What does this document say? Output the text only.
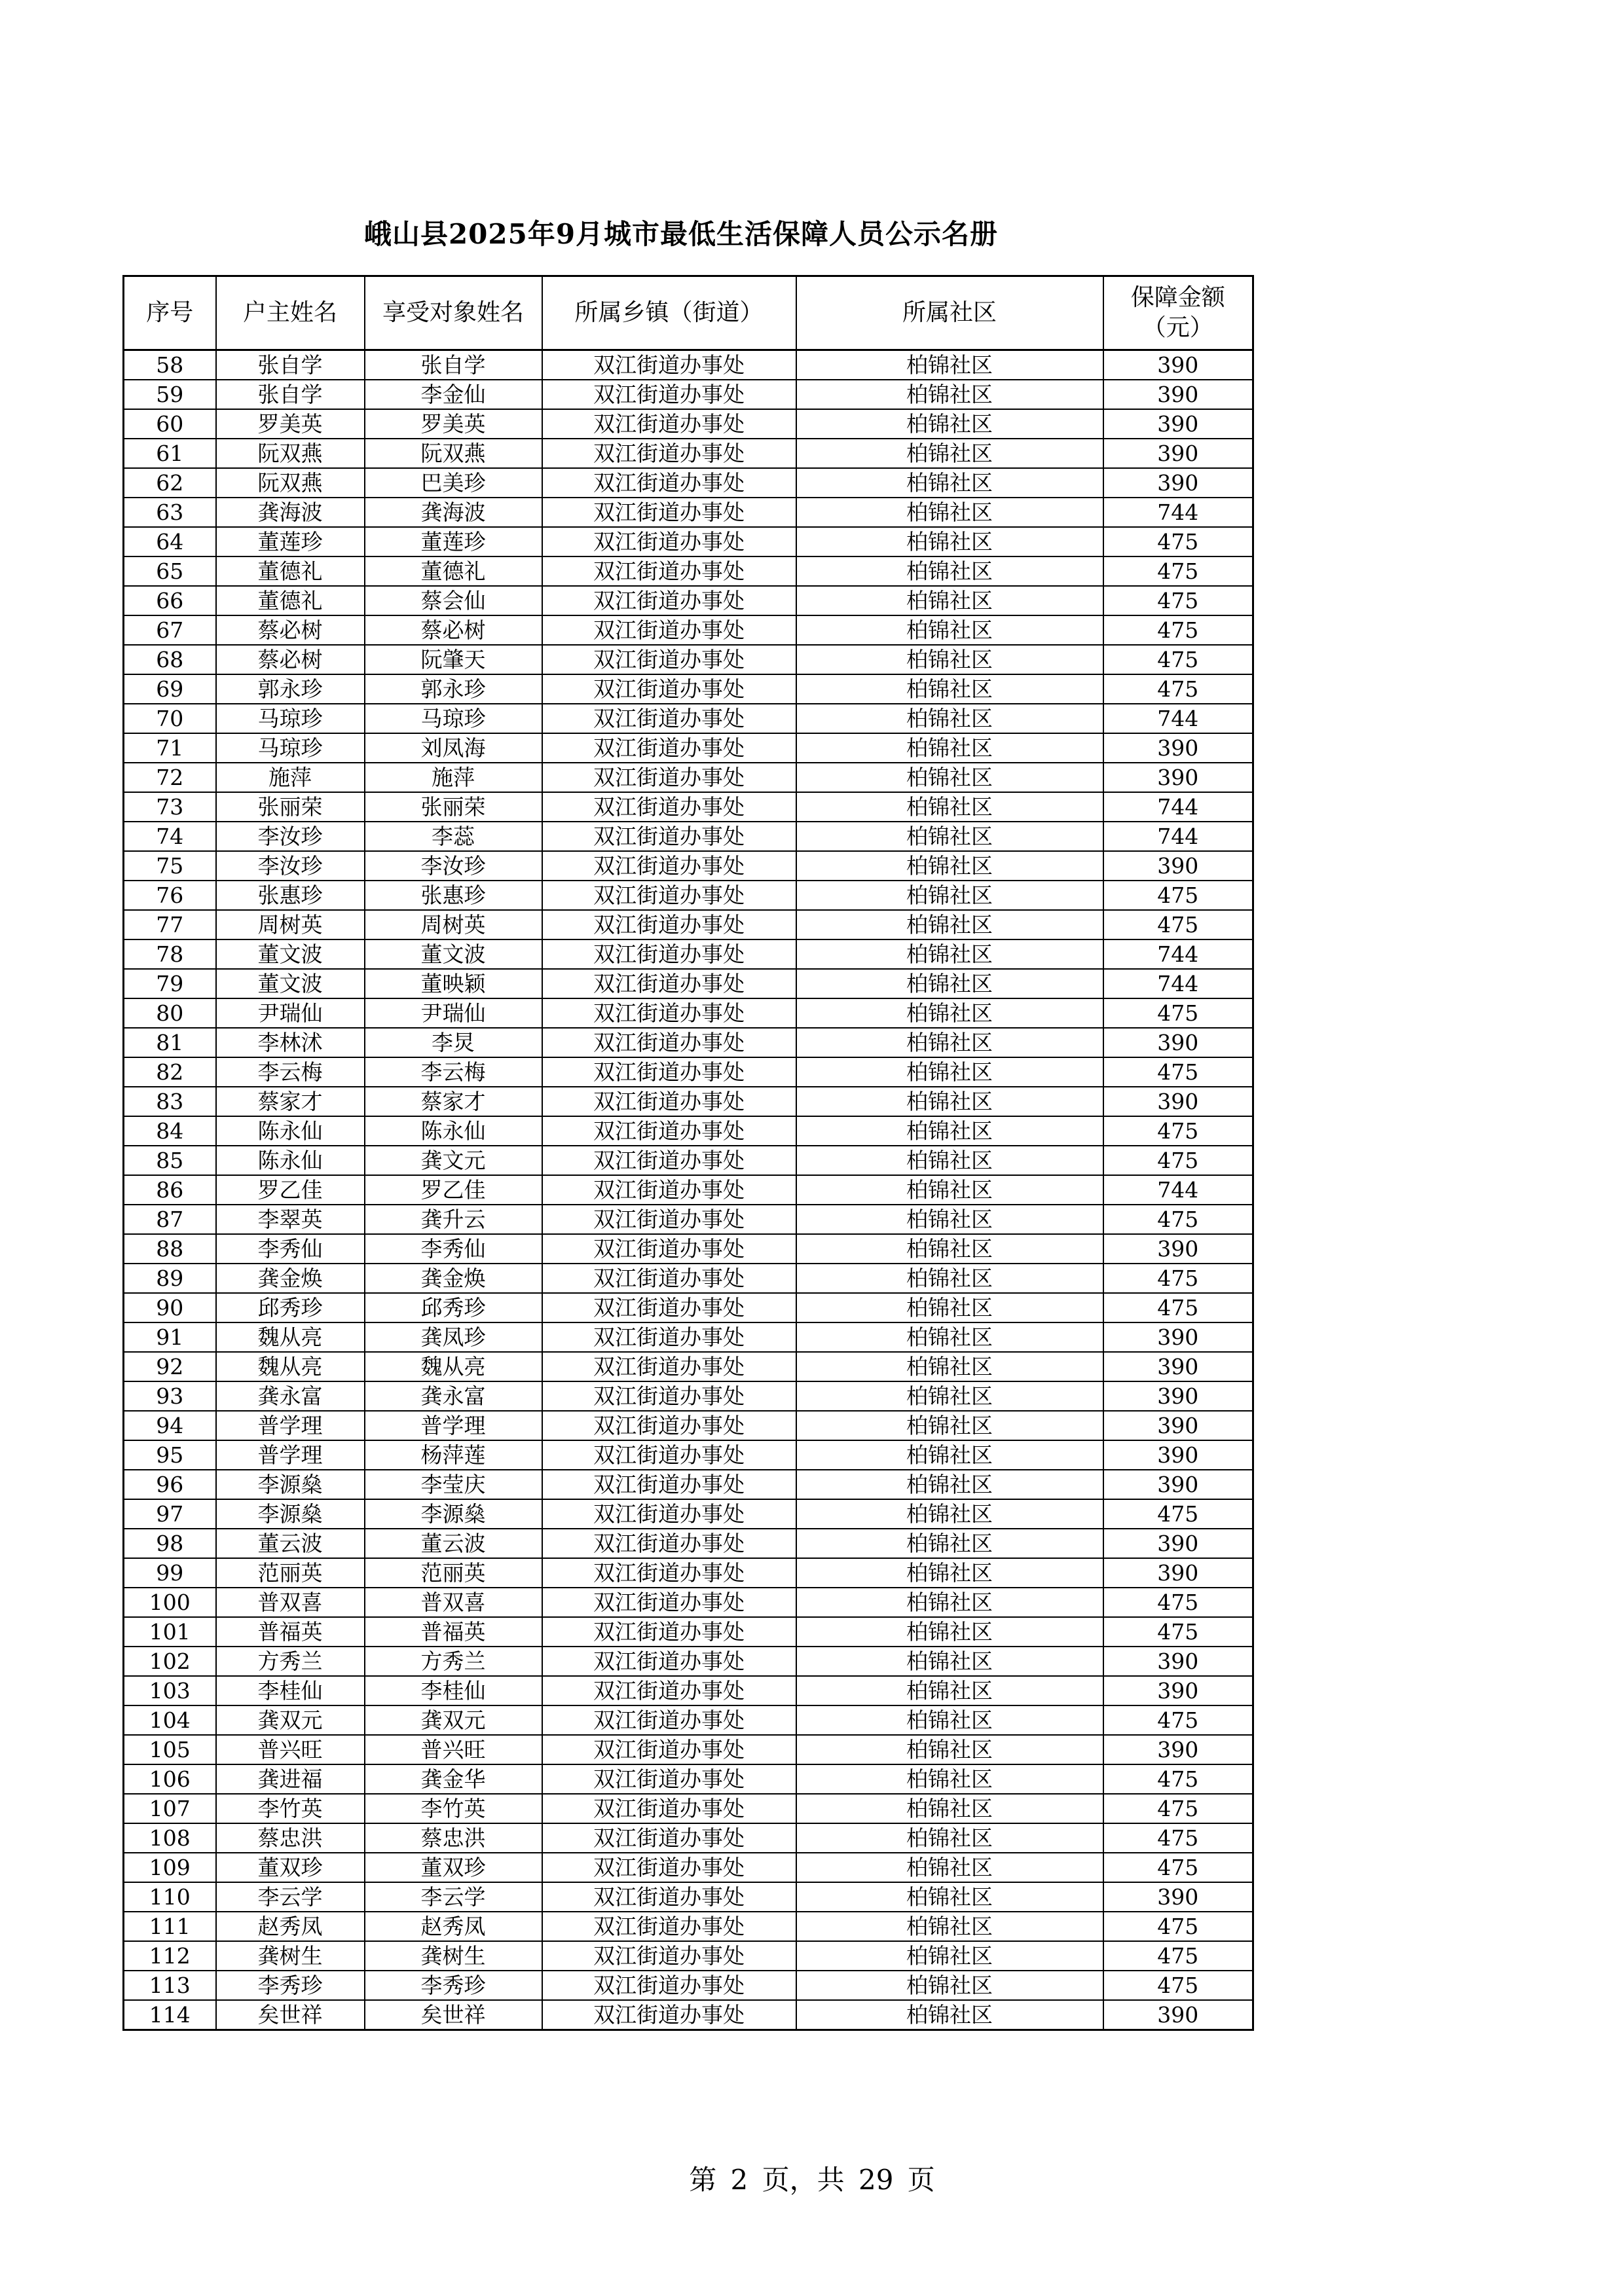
峨山县2025年9月城市最低生活保障人员公示名册
序号	户主姓名	享受对象姓名	所属乡镇（街道）	所属社区	保障金额（元）
58	张自学	张自学	双江街道办事处	柏锦社区	390
59	张自学	李金仙	双江街道办事处	柏锦社区	390
60	罗美英	罗美英	双江街道办事处	柏锦社区	390
61	阮双燕	阮双燕	双江街道办事处	柏锦社区	390
62	阮双燕	巴美珍	双江街道办事处	柏锦社区	390
63	龚海波	龚海波	双江街道办事处	柏锦社区	744
64	董莲珍	董莲珍	双江街道办事处	柏锦社区	475
65	董德礼	董德礼	双江街道办事处	柏锦社区	475
66	董德礼	蔡会仙	双江街道办事处	柏锦社区	475
67	蔡必树	蔡必树	双江街道办事处	柏锦社区	475
68	蔡必树	阮肇天	双江街道办事处	柏锦社区	475
69	郭永珍	郭永珍	双江街道办事处	柏锦社区	475
70	马琼珍	马琼珍	双江街道办事处	柏锦社区	744
71	马琼珍	刘凤海	双江街道办事处	柏锦社区	390
72	施萍	施萍	双江街道办事处	柏锦社区	390
73	张丽荣	张丽荣	双江街道办事处	柏锦社区	744
74	李汝珍	李蕊	双江街道办事处	柏锦社区	744
75	李汝珍	李汝珍	双江街道办事处	柏锦社区	390
76	张惠珍	张惠珍	双江街道办事处	柏锦社区	475
77	周树英	周树英	双江街道办事处	柏锦社区	475
78	董文波	董文波	双江街道办事处	柏锦社区	744
79	董文波	董映颖	双江街道办事处	柏锦社区	744
80	尹瑞仙	尹瑞仙	双江街道办事处	柏锦社区	475
81	李林沭	李炅	双江街道办事处	柏锦社区	390
82	李云梅	李云梅	双江街道办事处	柏锦社区	475
83	蔡家才	蔡家才	双江街道办事处	柏锦社区	390
84	陈永仙	陈永仙	双江街道办事处	柏锦社区	475
85	陈永仙	龚文元	双江街道办事处	柏锦社区	475
86	罗乙佳	罗乙佳	双江街道办事处	柏锦社区	744
87	李翠英	龚升云	双江街道办事处	柏锦社区	475
88	李秀仙	李秀仙	双江街道办事处	柏锦社区	390
89	龚金焕	龚金焕	双江街道办事处	柏锦社区	475
90	邱秀珍	邱秀珍	双江街道办事处	柏锦社区	475
91	魏从亮	龚凤珍	双江街道办事处	柏锦社区	390
92	魏从亮	魏从亮	双江街道办事处	柏锦社区	390
93	龚永富	龚永富	双江街道办事处	柏锦社区	390
94	普学理	普学理	双江街道办事处	柏锦社区	390
95	普学理	杨萍莲	双江街道办事处	柏锦社区	390
96	李源燊	李莹庆	双江街道办事处	柏锦社区	390
97	李源燊	李源燊	双江街道办事处	柏锦社区	475
98	董云波	董云波	双江街道办事处	柏锦社区	390
99	范丽英	范丽英	双江街道办事处	柏锦社区	390
100	普双喜	普双喜	双江街道办事处	柏锦社区	475
101	普福英	普福英	双江街道办事处	柏锦社区	475
102	方秀兰	方秀兰	双江街道办事处	柏锦社区	390
103	李桂仙	李桂仙	双江街道办事处	柏锦社区	390
104	龚双元	龚双元	双江街道办事处	柏锦社区	475
105	普兴旺	普兴旺	双江街道办事处	柏锦社区	390
106	龚进福	龚金华	双江街道办事处	柏锦社区	475
107	李竹英	李竹英	双江街道办事处	柏锦社区	475
108	蔡忠洪	蔡忠洪	双江街道办事处	柏锦社区	475
109	董双珍	董双珍	双江街道办事处	柏锦社区	475
110	李云学	李云学	双江街道办事处	柏锦社区	390
111	赵秀凤	赵秀凤	双江街道办事处	柏锦社区	475
112	龚树生	龚树生	双江街道办事处	柏锦社区	475
113	李秀珍	李秀珍	双江街道办事处	柏锦社区	475
114	矣世祥	矣世祥	双江街道办事处	柏锦社区	390
第 2 页，共 29 页
